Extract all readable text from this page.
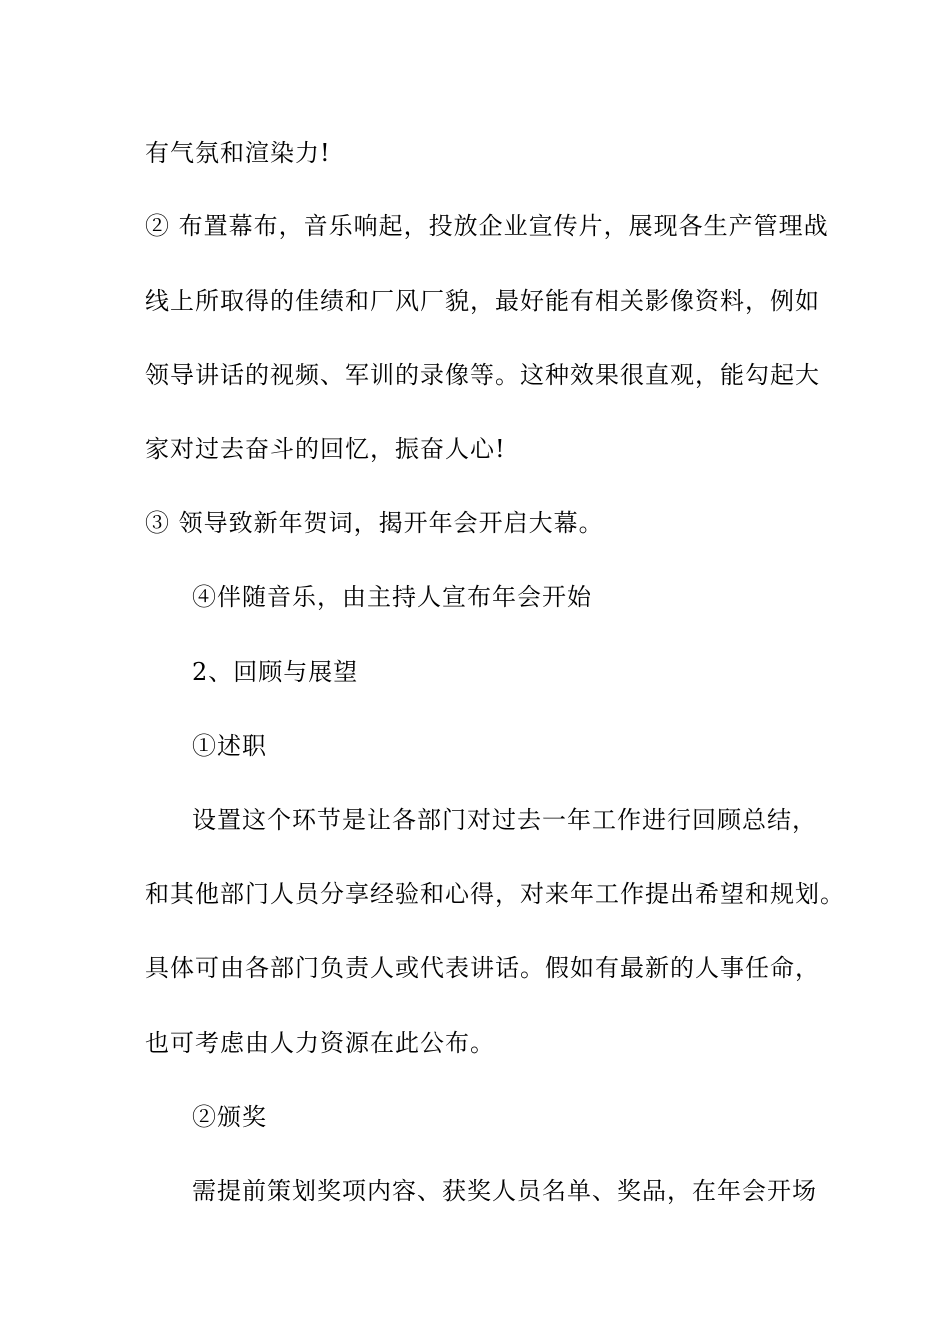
有气氛和渲染力!
② 布置幕布，音乐响起，投放企业宣传片，展现各生产管理战
线上所取得的佳绩和厂风厂貌，最好能有相关影像资料，例如
领导讲话的视频、军训的录像等。这种效果很直观，能勾起大
家对过去奋斗的回忆，振奋人心!
③ 领导致新年贺词，揭开年会开启大幕。
④伴随音乐，由主持人宣布年会开始
2、回顾与展望
①述职
设置这个环节是让各部门对过去一年工作进行回顾总结，
和其他部门人员分享经验和心得，对来年工作提出希望和规划。
具体可由各部门负责人或代表讲话。假如有最新的人事任命，
也可考虑由人力资源在此公布。
②颁奖
需提前策划奖项内容、获奖人员名单、奖品，在年会开场
